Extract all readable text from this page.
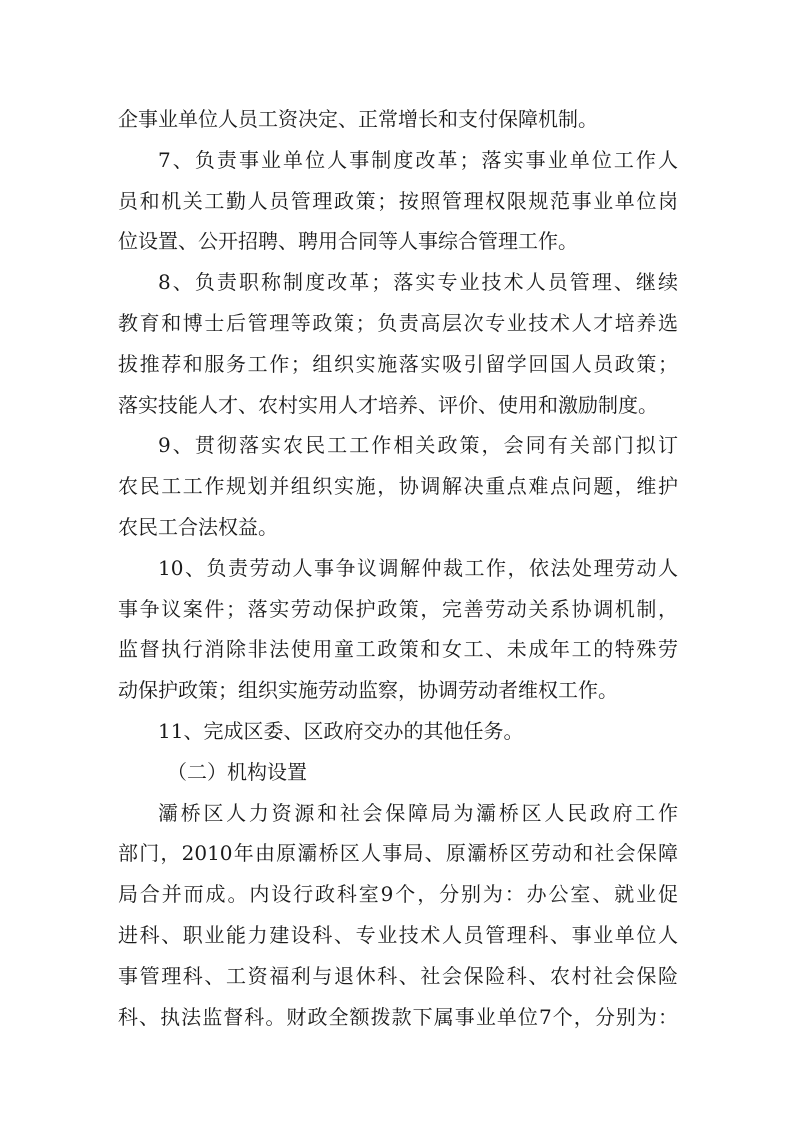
企事业单位人员工资决定、正常增长和支付保障机制。
7、负责事业单位人事制度改革；落实事业单位工作人
员和机关工勤人员管理政策；按照管理权限规范事业单位岗
位设置、公开招聘、聘用合同等人事综合管理工作。
8、负责职称制度改革；落实专业技术人员管理、继续
教育和博士后管理等政策；负责高层次专业技术人才培养选
拔推荐和服务工作；组织实施落实吸引留学回国人员政策；
落实技能人才、农村实用人才培养、评价、使用和激励制度。
9、贯彻落实农民工工作相关政策，会同有关部门拟订
农民工工作规划并组织实施，协调解决重点难点问题，维护
农民工合法权益。
10、负责劳动人事争议调解仲裁工作，依法处理劳动人
事争议案件；落实劳动保护政策，完善劳动关系协调机制，
监督执行消除非法使用童工政策和女工、未成年工的特殊劳
动保护政策；组织实施劳动监察，协调劳动者维权工作。
11、完成区委、区政府交办的其他任务。
（二）机构设置
灞桥区人力资源和社会保障局为灞桥区人民政府工作
部门，2010年由原灞桥区人事局、原灞桥区劳动和社会保障
局合并而成。内设行政科室9个，分别为：办公室、就业促
进科、职业能力建设科、专业技术人员管理科、事业单位人
事管理科、工资福利与退休科、社会保险科、农村社会保险
科、执法监督科。财政全额拨款下属事业单位7个，分别为：
